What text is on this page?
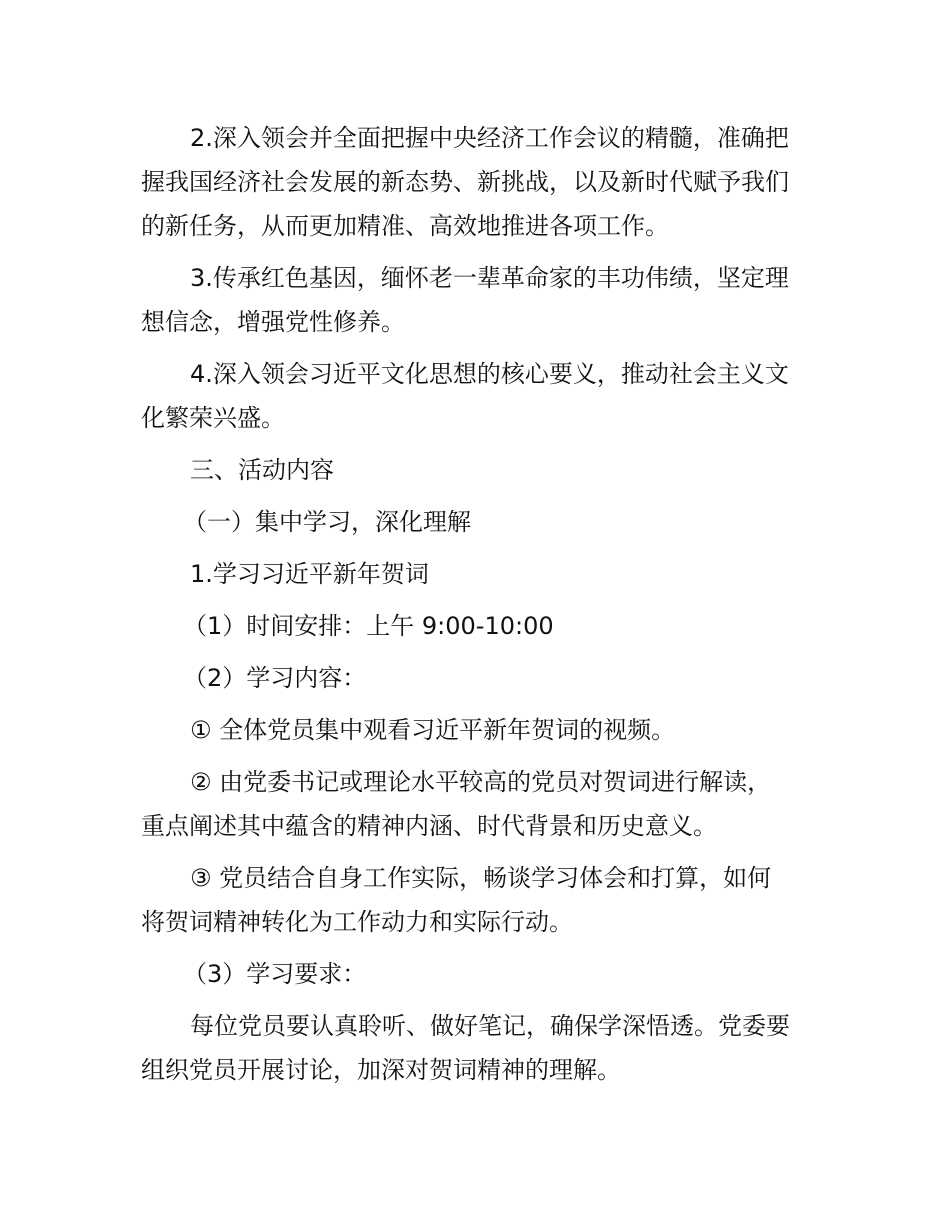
2.深入领会并全面把握中央经济工作会议的精髓，准确把
握我国经济社会发展的新态势、新挑战，以及新时代赋予我们
的新任务，从而更加精准、高效地推进各项工作。

3.传承红色基因，缅怀老一辈革命家的丰功伟绩，坚定理
想信念，增强党性修养。

4.深入领会习近平文化思想的核心要义，推动社会主义文
化繁荣兴盛。

三、活动内容

（一）集中学习，深化理解

1.学习习近平新年贺词

（1）时间安排：上午 9:00-10:00

（2）学习内容：

① 全体党员集中观看习近平新年贺词的视频。

② 由党委书记或理论水平较高的党员对贺词进行解读，
重点阐述其中蕴含的精神内涵、时代背景和历史意义。

③ 党员结合自身工作实际，畅谈学习体会和打算，如何
将贺词精神转化为工作动力和实际行动。

（3）学习要求：

每位党员要认真聆听、做好笔记，确保学深悟透。党委要
组织党员开展讨论，加深对贺词精神的理解。
